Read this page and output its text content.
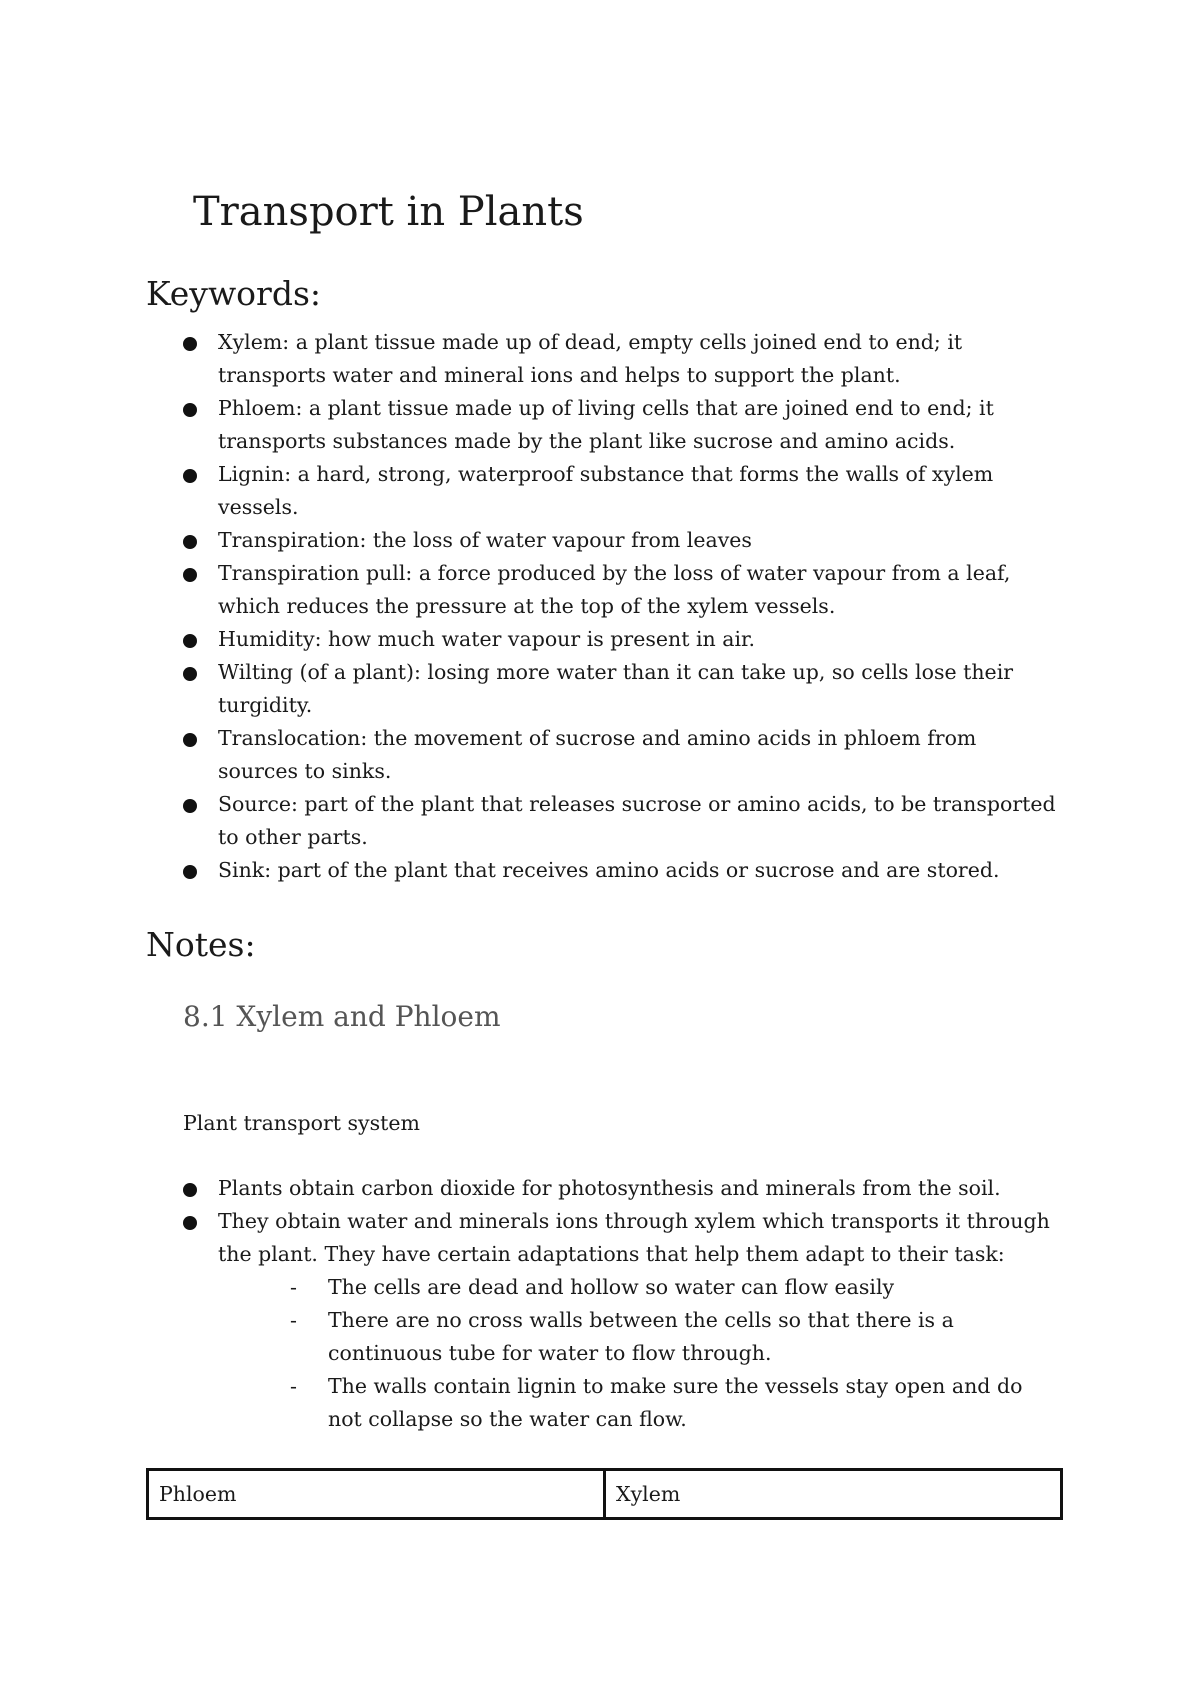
Transport in Plants
Keywords:
Xylem: a plant tissue made up of dead, empty cells joined end to end; it transports water and mineral ions and helps to support the plant.
Phloem: a plant tissue made up of living cells that are joined end to end; it transports substances made by the plant like sucrose and amino acids.
Lignin: a hard, strong, waterproof substance that forms the walls of xylem vessels.
Transpiration: the loss of water vapour from leaves
Transpiration pull: a force produced by the loss of water vapour from a leaf, which reduces the pressure at the top of the xylem vessels.
Humidity: how much water vapour is present in air.
Wilting (of a plant): losing more water than it can take up, so cells lose their turgidity.
Translocation: the movement of sucrose and amino acids in phloem from sources to sinks.
Source: part of the plant that releases sucrose or amino acids, to be transported to other parts.
Sink: part of the plant that receives amino acids or sucrose and are stored.
Notes:
8.1 Xylem and Phloem

Plant transport system

Plants obtain carbon dioxide for photosynthesis and minerals from the soil.
They obtain water and minerals ions through xylem which transports it through the plant. They have certain adaptations that help them adapt to their task:
- The cells are dead and hollow so water can flow easily
- There are no cross walls between the cells so that there is a continuous tube for water to flow through.
- The walls contain lignin to make sure the vessels stay open and do not collapse so the water can flow.
Phloem	Xylem
